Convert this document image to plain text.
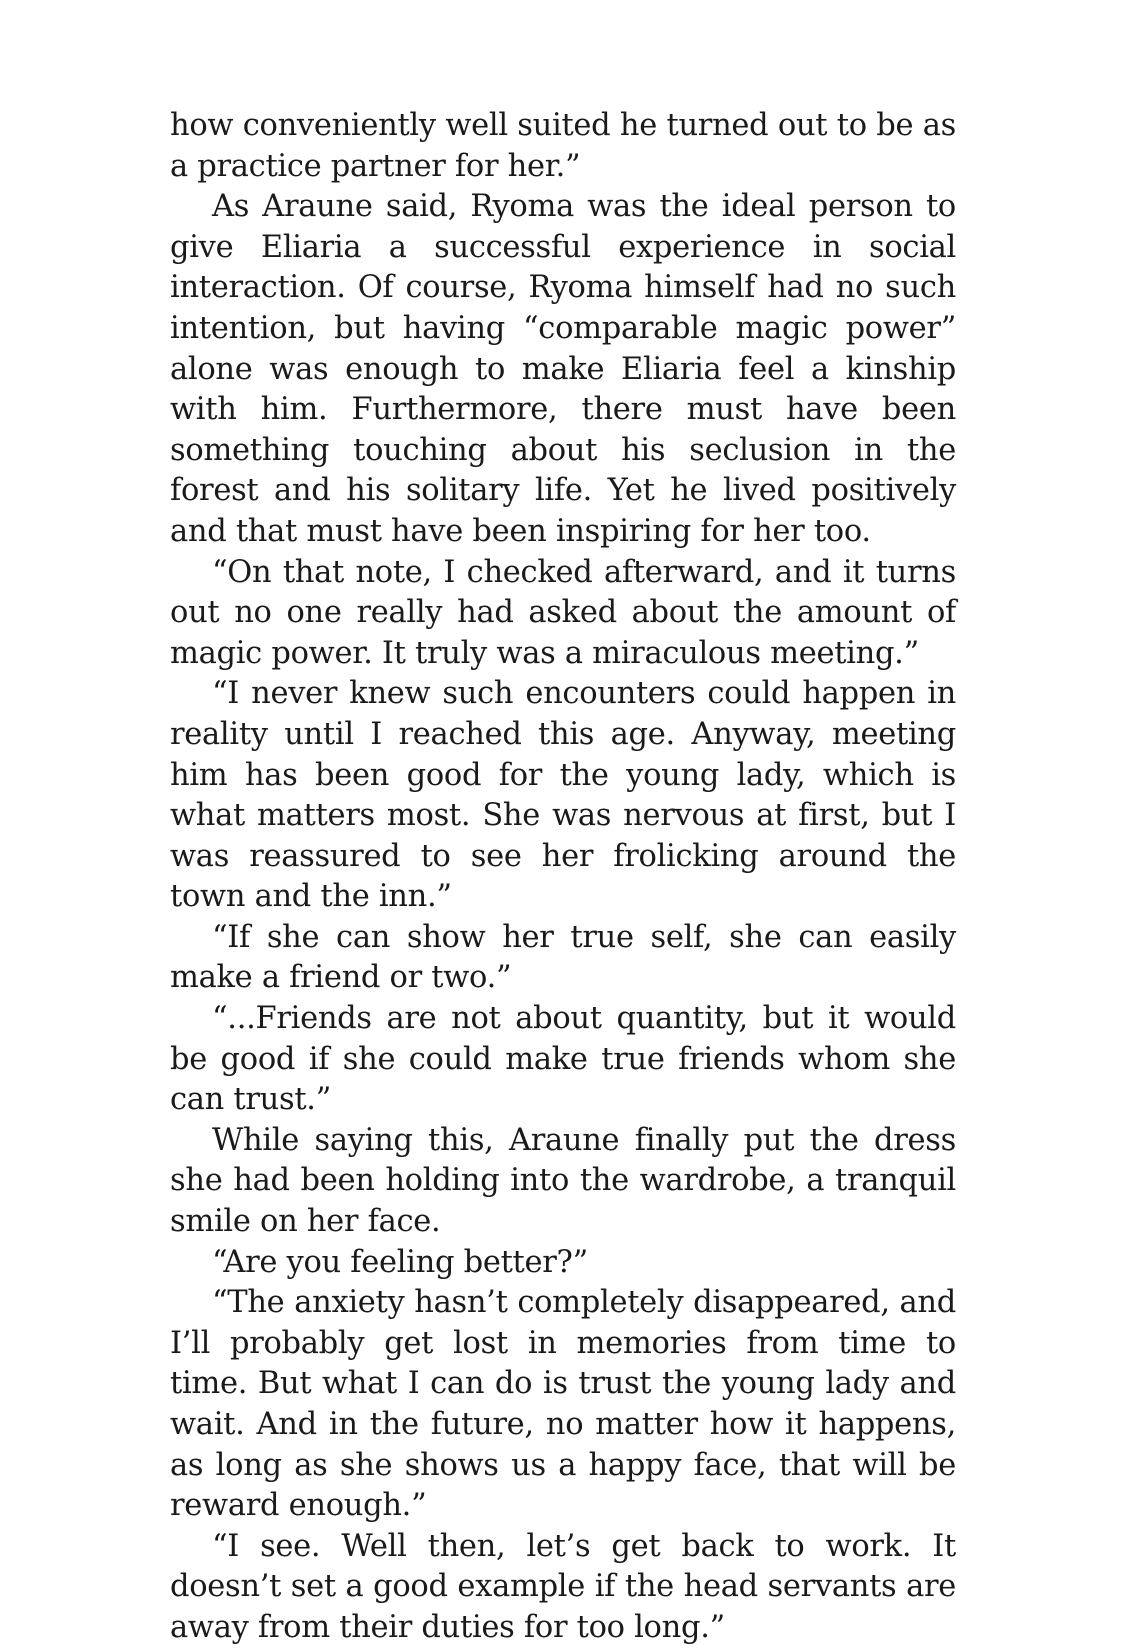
how conveniently well suited he turned out to be as a practice partner for her.”

As Araune said, Ryoma was the ideal person to give Eliaria a successful experience in social interaction. Of course, Ryoma himself had no such intention, but having “comparable magic power” alone was enough to make Eliaria feel a kinship with him. Furthermore, there must have been something touching about his seclusion in the forest and his solitary life. Yet he lived positively and that must have been inspiring for her too.

“On that note, I checked afterward, and it turns out no one really had asked about the amount of magic power. It truly was a miraculous meeting.”

“I never knew such encounters could happen in reality until I reached this age. Anyway, meeting him has been good for the young lady, which is what matters most. She was nervous at first, but I was reassured to see her frolicking around the town and the inn.”

“If she can show her true self, she can easily make a friend or two.”

“...Friends are not about quantity, but it would be good if she could make true friends whom she can trust.”

While saying this, Araune finally put the dress she had been holding into the wardrobe, a tranquil smile on her face.

“Are you feeling better?”

“The anxiety hasn’t completely disappeared, and I’ll probably get lost in memories from time to time. But what I can do is trust the young lady and wait. And in the future, no matter how it happens, as long as she shows us a happy face, that will be reward enough.”

“I see. Well then, let’s get back to work. It doesn’t set a good example if the head servants are away from their duties for too long.”
